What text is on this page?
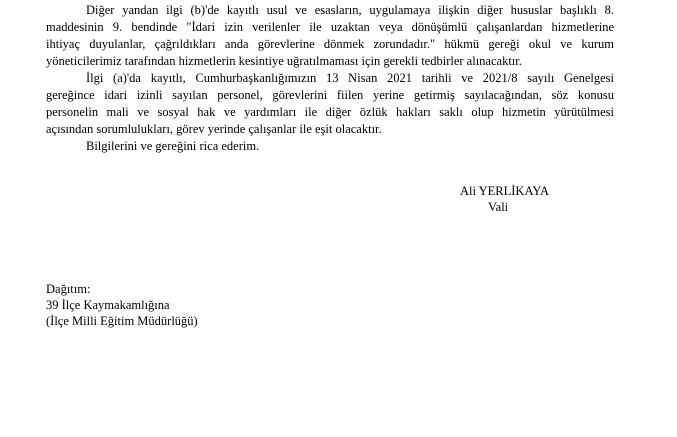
Diğer yandan ilgi (b)'de kayıtlı usul ve esasların, uygulamaya ilişkin diğer hususlar başlıklı 8.
maddesinin 9. bendinde "İdari izin verilenler ile uzaktan veya dönüşümlü çalışanlardan hizmetlerine
ihtiyaç duyulanlar, çağrıldıkları anda görevlerine dönmek zorundadır." hükmü gereği okul ve kurum
yöneticilerimiz tarafından hizmetlerin kesintiye uğratılmaması için gerekli tedbirler alınacaktır.
İlgi (a)'da kayıtlı, Cumhurbaşkanlığımızın 13 Nisan 2021 tarihli ve 2021/8 sayılı Genelgesi
gereğince idari izinli sayılan personel, görevlerini fiilen yerine getirmiş sayılacağından, söz konusu
personelin mali ve sosyal hak ve yardımları ile diğer özlük hakları saklı olup hizmetin yürütülmesi
açısından sorumlulukları, görev yerinde çalışanlar ile eşit olacaktır.
Bilgilerini ve gereğini rica ederim.
Ali YERLİKAYA
Vali
Dağıtım:
39 İlçe Kaymakamlığına
(İlçe Milli Eğitim Müdürlüğü)
